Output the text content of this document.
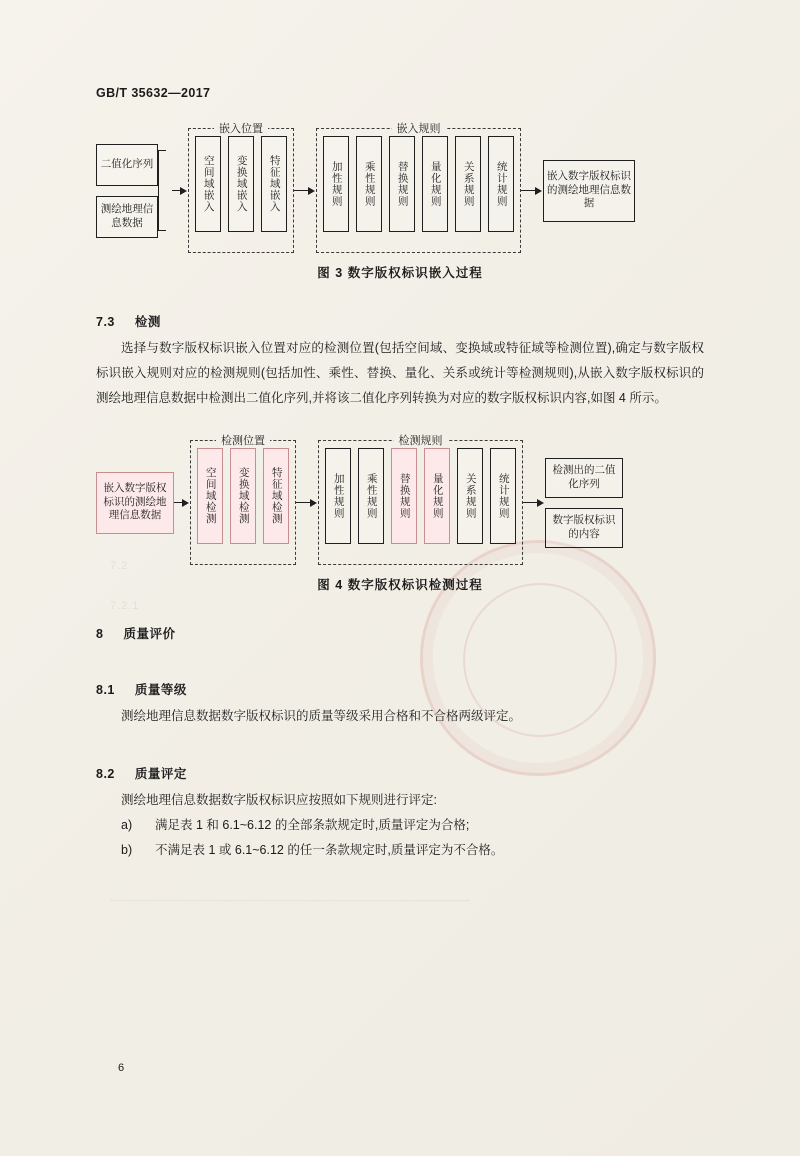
7.2
7.2.1
─────────────────────────────────────────
GB/T 35632—2017
二值化序列
测绘地理信息数据
嵌入位置
空间域嵌入	变换域嵌入	特征域嵌入
嵌入规则
加性规则	乘性规则	替换规则	量化规则	关系规则	统计规则	嵌入数字版权标识的测绘地理信息数据
图 3 数字版权标识嵌入过程
7.3 检测

选择与数字版权标识嵌入位置对应的检测位置(包括空间域、变换域或特征域等检测位置),确定与数字版权标识嵌入规则对应的检测规则(包括加性、乘性、替换、量化、关系或统计等检测规则),从嵌入数字版权标识的测绘地理信息数据中检测出二值化序列,并将该二值化序列转换为对应的数字版权标识内容,如图 4 所示。

嵌入数字版权标识的测绘地理信息数据
检测位置
空间域检测	变换域检测	特征域检测
检测规则
加性规则	乘性规则	替换规则	量化规则	关系规则	统计规则
检测出的二值化序列
数字版权标识的内容
图 4 数字版权标识检测过程
8 质量评价
8.1 质量等级

测绘地理信息数据数字版权标识的质量等级采用合格和不合格两级评定。

8.2 质量评定

测绘地理信息数据数字版权标识应按照如下规则进行评定:

a) 满足表 1 和 6.1~6.12 的全部条款规定时,质量评定为合格;

b) 不满足表 1 或 6.1~6.12 的任一条款规定时,质量评定为不合格。

6
